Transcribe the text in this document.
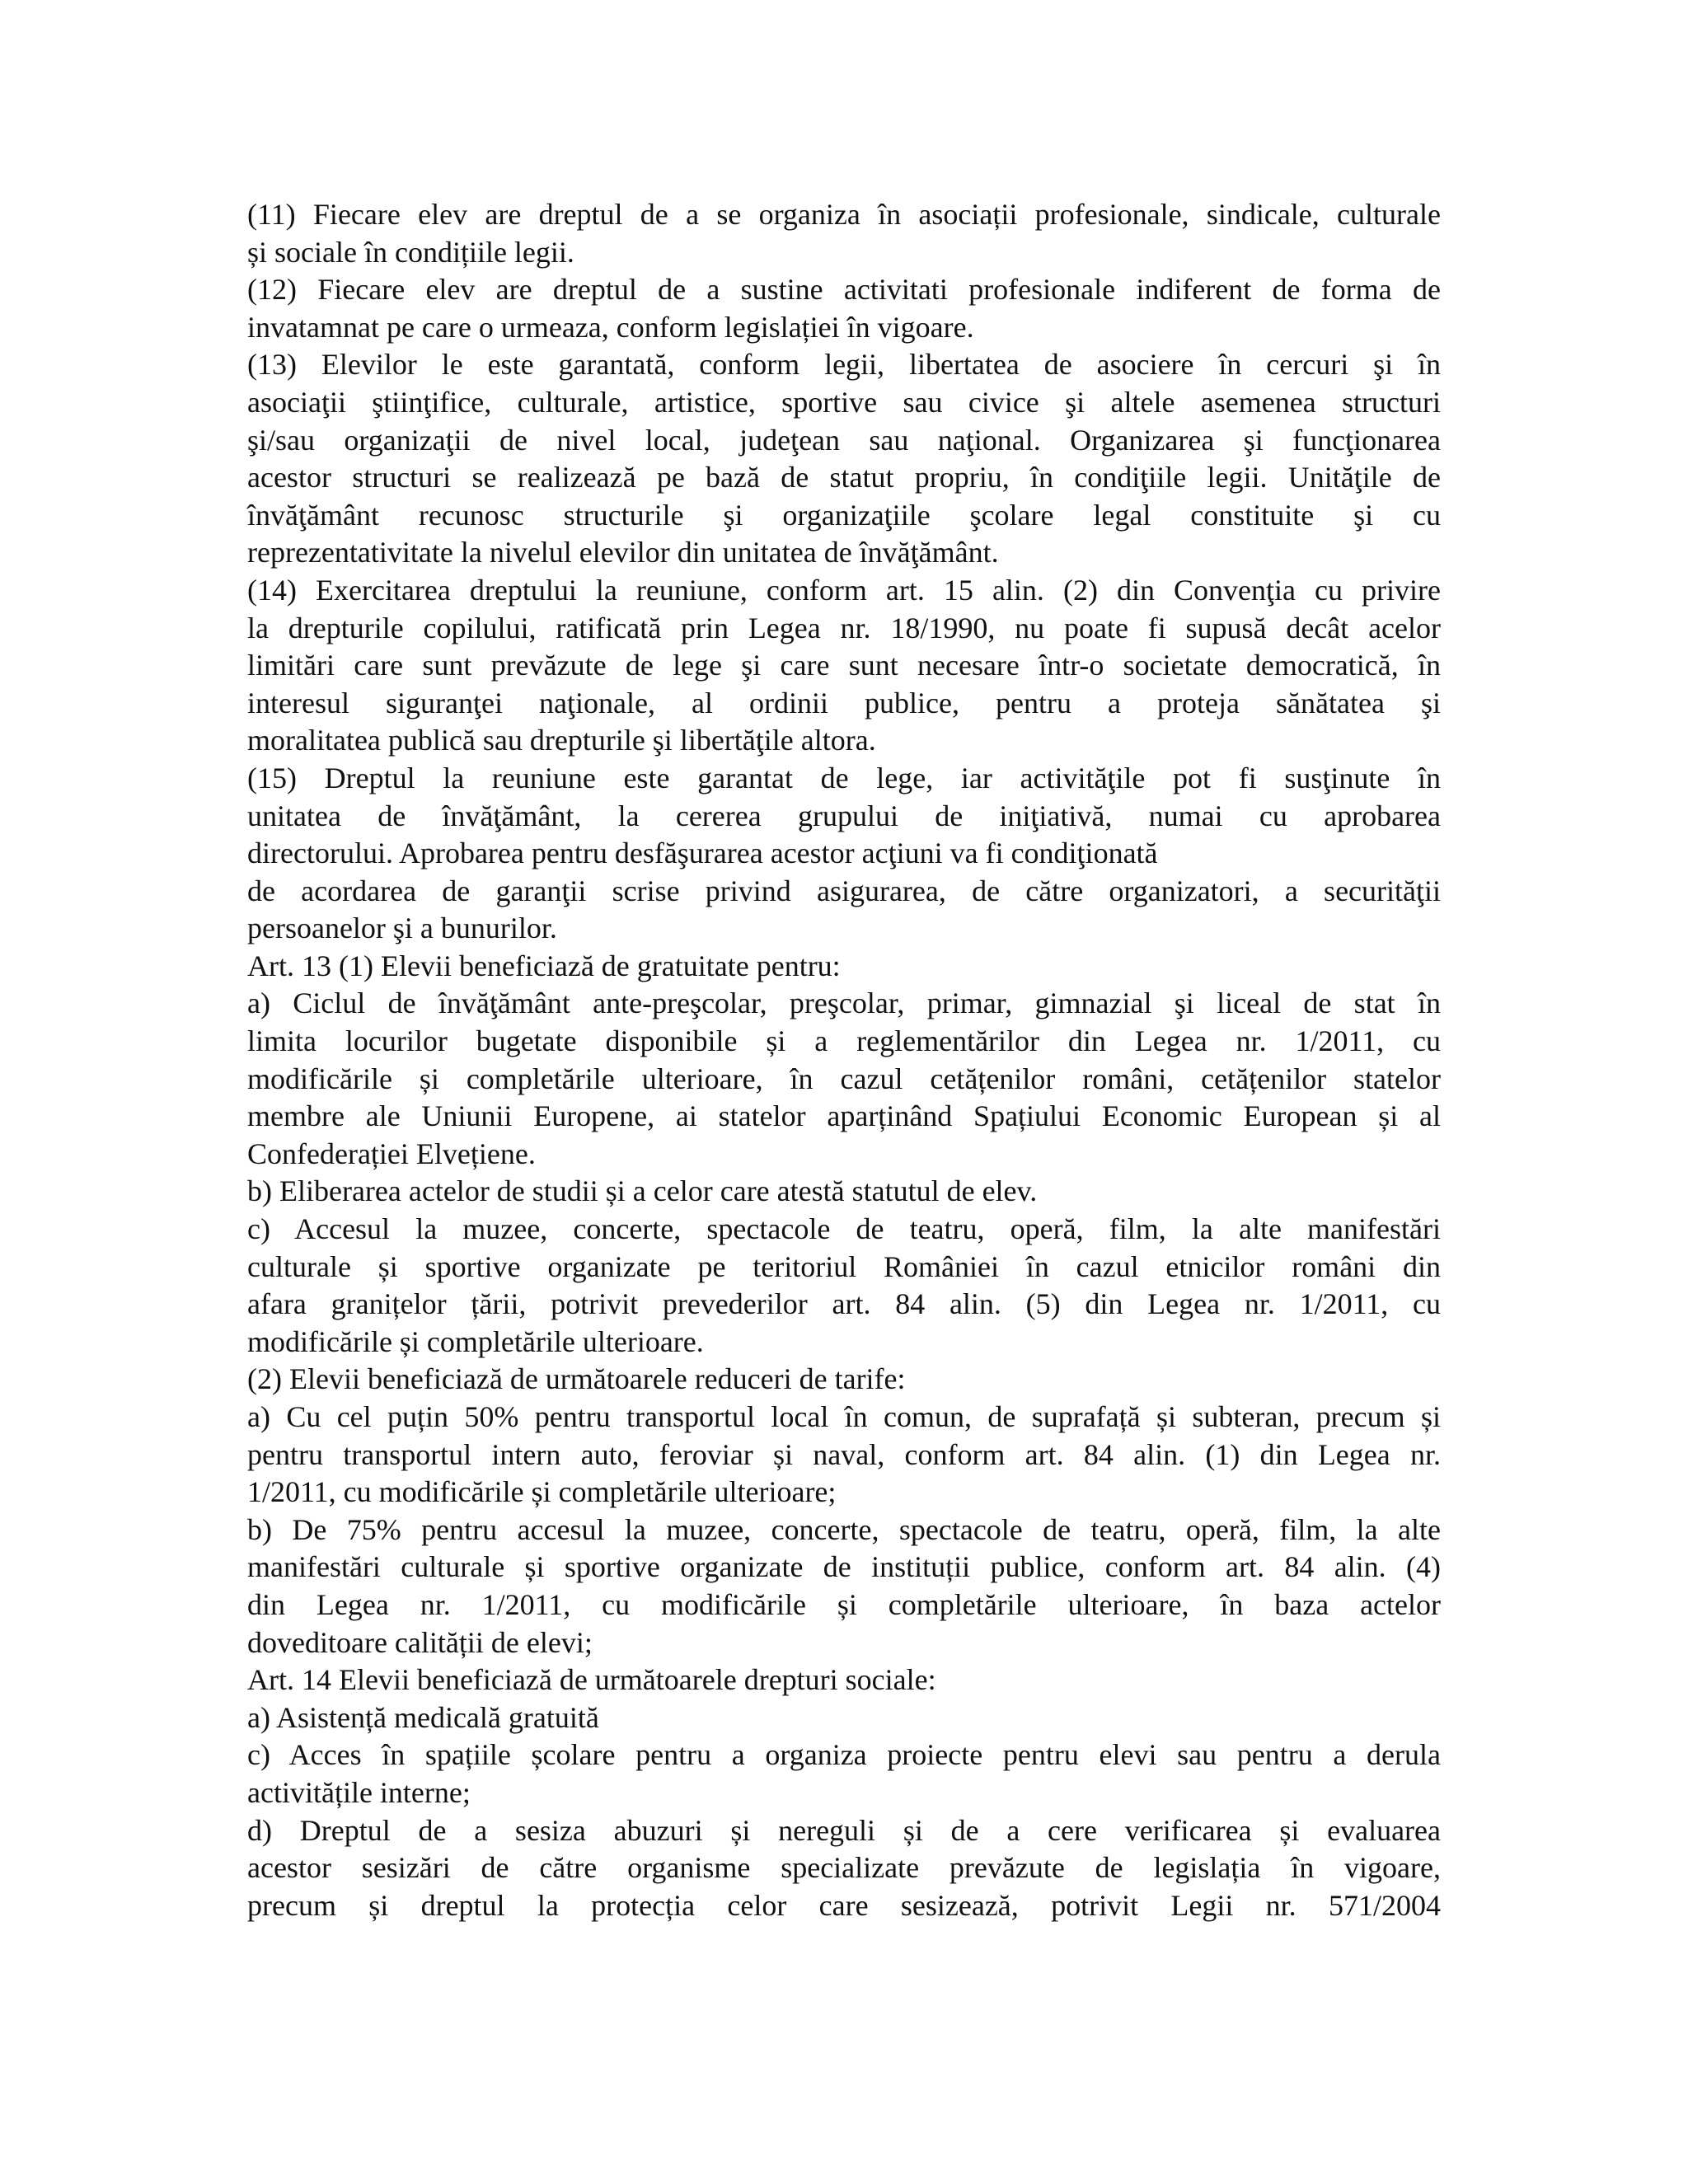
(11) Fiecare elev are dreptul de a se organiza în asociații profesionale, sindicale, culturale
și sociale în condițiile legii.
(12) Fiecare elev are dreptul de a sustine activitati profesionale indiferent de forma de
invatamnat pe care o urmeaza, conform legislației în vigoare.
(13) Elevilor le este garantată, conform legii, libertatea de asociere în cercuri şi în
asociaţii ştiinţifice, culturale, artistice, sportive sau civice şi altele asemenea structuri
şi/sau organizaţii de nivel local, judeţean sau naţional. Organizarea şi funcţionarea
acestor structuri se realizează pe bază de statut propriu, în condiţiile legii. Unităţile de
învăţământ recunosc structurile şi organizaţiile şcolare legal constituite şi cu
reprezentativitate la nivelul elevilor din unitatea de învăţământ.
(14) Exercitarea dreptului la reuniune, conform art. 15 alin. (2) din Convenţia cu privire
la drepturile copilului, ratificată prin Legea nr. 18/1990, nu poate fi supusă decât acelor
limitări care sunt prevăzute de lege şi care sunt necesare într-o societate democratică, în
interesul siguranţei naţionale, al ordinii publice, pentru a proteja sănătatea şi
moralitatea publică sau drepturile şi libertăţile altora.
(15) Dreptul la reuniune este garantat de lege, iar activităţile pot fi susţinute în
unitatea de învăţământ, la cererea grupului de iniţiativă, numai cu aprobarea
directorului. Aprobarea pentru desfăşurarea acestor acţiuni va fi condiţionată
de acordarea de garanţii scrise privind asigurarea, de către organizatori, a securităţii
persoanelor şi a bunurilor.
Art. 13 (1) Elevii beneficiază de gratuitate pentru:
a) Ciclul de învăţământ ante-preşcolar, preşcolar, primar, gimnazial şi liceal de stat în
limita locurilor bugetate disponibile și a reglementărilor din Legea nr. 1/2011, cu
modificările și completările ulterioare, în cazul cetățenilor români, cetățenilor statelor
membre ale Uniunii Europene, ai statelor aparținând Spațiului Economic European și al
Confederației Elvețiene.
b) Eliberarea actelor de studii și a celor care atestă statutul de elev.
c) Accesul la muzee, concerte, spectacole de teatru, operă, film, la alte manifestări
culturale și sportive organizate pe teritoriul României în cazul etnicilor români din
afara granițelor țării, potrivit prevederilor art. 84 alin. (5) din Legea nr. 1/2011, cu
modificările și completările ulterioare.
(2) Elevii beneficiază de următoarele reduceri de tarife:
a) Cu cel puțin 50% pentru transportul local în comun, de suprafață și subteran, precum și
pentru transportul intern auto, feroviar și naval, conform art. 84 alin. (1) din Legea nr.
1/2011, cu modificările și completările ulterioare;
b) De 75% pentru accesul la muzee, concerte, spectacole de teatru, operă, film, la alte
manifestări culturale și sportive organizate de instituții publice, conform art. 84 alin. (4)
din Legea nr. 1/2011, cu modificările și completările ulterioare, în baza actelor
doveditoare calității de elevi;
Art. 14 Elevii beneficiază de următoarele drepturi sociale:
a) Asistență medicală gratuită
c) Acces în spațiile școlare pentru a organiza proiecte pentru elevi sau pentru a derula
activitățile interne;
d) Dreptul de a sesiza abuzuri și nereguli și de a cere verificarea și evaluarea
acestor sesizări de către organisme specializate prevăzute de legislația în vigoare,
precum și dreptul la protecția celor care sesizează, potrivit Legii nr. 571/2004
